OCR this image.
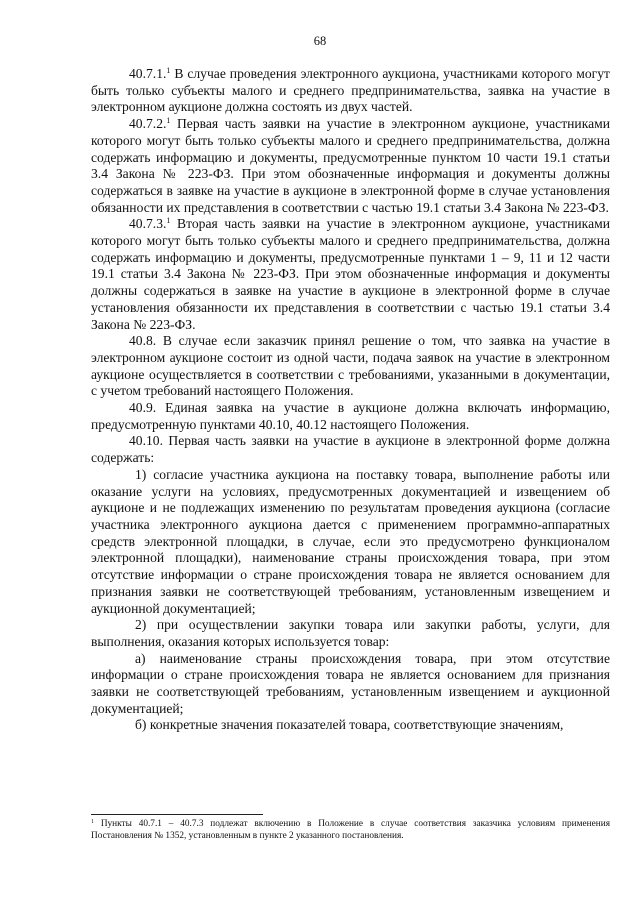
68

40.7.1.$^1$ В случае проведения электронного аукциона, участниками которого могут быть только субъекты малого и среднего предпринимательства, заявка на участие в электронном аукционе должна состоять из двух частей.

40.7.2.$^1$ Первая часть заявки на участие в электронном аукционе, участниками которого могут быть только субъекты малого и среднего предпринимательства, должна содержать информацию и документы, предусмотренные пунктом 10 части 19.1 статьи 3.4 Закона № 223-ФЗ. При этом обозначенные информация и документы должны содержаться в заявке на участие в аукционе в электронной форме в случае установления обязанности их представления в соответствии с частью 19.1 статьи 3.4 Закона № 223-ФЗ.

40.7.3.$^1$ Вторая часть заявки на участие в электронном аукционе, участниками которого могут быть только субъекты малого и среднего предпринимательства, должна содержать информацию и документы, предусмотренные пунктами 1 – 9, 11 и 12 части 19.1 статьи 3.4 Закона № 223-ФЗ. При этом обозначенные информация и документы должны содержаться в заявке на участие в аукционе в электронной форме в случае установления обязанности их представления в соответствии с частью 19.1 статьи 3.4 Закона № 223-ФЗ.

40.8. В случае если заказчик принял решение о том, что заявка на участие в электронном аукционе состоит из одной части, подача заявок на участие в электронном аукционе осуществляется в соответствии с требованиями, указанными в документации, с учетом требований настоящего Положения.

40.9. Единая заявка на участие в аукционе должна включать информацию, предусмотренную пунктами 40.10, 40.12 настоящего Положения.

40.10. Первая часть заявки на участие в аукционе в электронной форме должна содержать:

1) согласие участника аукциона на поставку товара, выполнение работы или оказание услуги на условиях, предусмотренных документацией и извещением об аукционе и не подлежащих изменению по результатам проведения аукциона (согласие участника электронного аукциона дается с применением программно-аппаратных средств электронной площадки, в случае, если это предусмотрено функционалом электронной площадки), наименование страны происхождения товара, при этом отсутствие информации о стране происхождения товара не является основанием для признания заявки не соответствующей требованиям, установленным извещением и аукционной документацией;

2) при осуществлении закупки товара или закупки работы, услуги, для выполнения, оказания которых используется товар:

а) наименование страны происхождения товара, при этом отсутствие информации о стране происхождения товара не является основанием для признания заявки не соответствующей требованиям, установленным извещением и аукционной документацией;

б) конкретные значения показателей товара, соответствующие значениям,

$^1$ Пункты 40.7.1 – 40.7.3 подлежат включению в Положение в случае соответствия заказчика условиям применения Постановления № 1352, установленным в пункте 2 указанного постановления.
